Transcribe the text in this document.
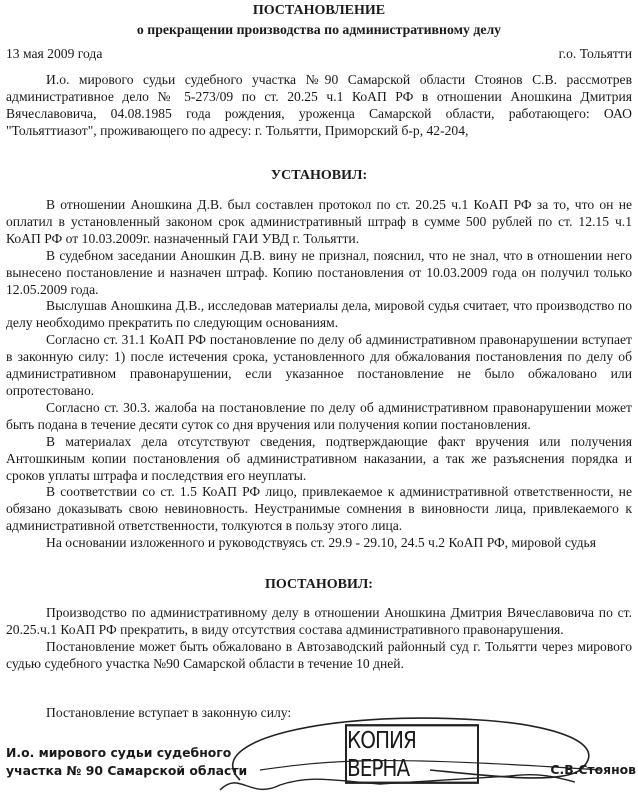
ПОСТАНОВЛЕНИЕ
о прекращении производства по административному делу
13 мая 2009 года	г.о. Тольятти

И.о. мирового судьи судебного участка №90 Самарской области Стоянов С.В. рассмотрев административное дело № 5-273/09 по ст. 20.25 ч.1 КоАП РФ в отношении Аношкина Дмитрия Вячеславовича, 04.08.1985 года рождения, уроженца Самарской области, работающего: ОАО "Тольяттиазот", проживающего по адресу: г. Тольятти, Приморский б-р, 42-204,

УСТАНОВИЛ:

В отношении Аношкина Д.В. был составлен протокол по ст. 20.25 ч.1 КоАП РФ за то, что он не оплатил в установленный законом срок административный штраф в сумме 500 рублей по ст. 12.15 ч.1 КоАП РФ от 10.03.2009г. назначенный ГАИ УВД г. Тольятти.

В судебном заседании Аношкин Д.В. вину не признал, пояснил, что не знал, что в отношении него вынесено постановление и назначен штраф. Копию постановления от 10.03.2009 года он получил только 12.05.2009 года.

Выслушав Аношкина Д.В., исследовав материалы дела, мировой судья считает, что производство по делу необходимо прекратить по следующим основаниям.

Согласно ст. 31.1 КоАП РФ постановление по делу об административном правонарушении вступает в законную силу: 1) после истечения срока, установленного для обжалования постановления по делу об административном правонарушении, если указанное постановление не было обжаловано или опротестовано.

Согласно ст. 30.3. жалоба на постановление по делу об административном правонарушении может быть подана в течение десяти суток со дня вручения или получения копии постановления.

В материалах дела отсутствуют сведения, подтверждающие факт вручения или получения Антошкиным копии постановления об административном наказании, а так же разъяснения порядка и сроков уплаты штрафа и последствия его неуплаты.

В соответствии со ст. 1.5 КоАП РФ лицо, привлекаемое к административной ответственности, не обязано доказывать свою невиновность. Неустранимые сомнения в виновности лица, привлекаемого к административной ответственности, толкуются в пользу этого лица.

На основании изложенного и руководствуясь ст. 29.9 - 29.10, 24.5 ч.2 КоАП РФ, мировой судья

ПОСТАНОВИЛ:

Производство по административному делу в отношении Аношкина Дмитрия Вячеславовича по ст. 20.25.ч.1 КоАП РФ прекратить, в виду отсутствия состава административного правонарушения.

Постановление может быть обжаловано в Автозаводский районный суд г. Тольятти через мирового судью судебного участка №90 Самарской области в течение 10 дней.

Постановление вступает в законную силу:

И.о. мирового судьи судебного
участка № 90 Самарской области
КОПИЯ ВЕРНА	С.В.Стоянов
